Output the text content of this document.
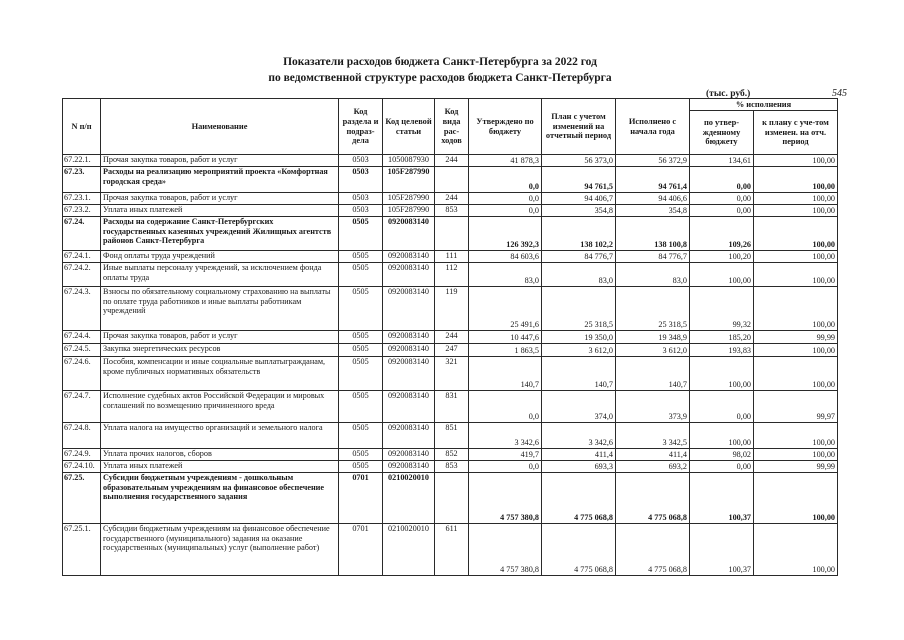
Показатели расходов бюджета Санкт-Петербурга за 2022 год
по ведомственной структуре расходов бюджета Санкт-Петербурга
(тыс. руб.)	545
N п/п	Наименование	Код раздела и подраз-дела	Код целевой статьи	Код вида рас-ходов	Утверждено по бюджету	План с учетом изменений на отчетный период	Исполнено с начала года	% исполнения	
								по утвер-жденному бюджету	к плану с уче-том изменен. на отч. период
67.22.1.	Прочая закупка товаров, работ и услуг	0503	1050087930	244	41 878,3	56 373,0	56 372,9	134,61	100,00
67.23.	Расходы на реализацию мероприятий проекта «Комфортная городская среда»	0503	105F287990		0,0	94 761,5	94 761,4	0,00	100,00
67.23.1.	Прочая закупка товаров, работ и услуг	0503	105F287990	244	0,0	94 406,7	94 406,6	0,00	100,00
67.23.2.	Уплата иных платежей	0503	105F287990	853	0,0	354,8	354,8	0,00	100,00
67.24.	Расходы на содержание Санкт-Петербургских государственных казенных учреждений Жилищных агентств районов Санкт-Петербурга	0505	0920083140		126 392,3	138 102,2	138 100,8	109,26	100,00
67.24.1.	Фонд оплаты труда учреждений	0505	0920083140	111	84 603,6	84 776,7	84 776,7	100,20	100,00
67.24.2.	Иные выплаты персоналу учреждений, за исключением фонда оплаты труда	0505	0920083140	112	83,0	83,0	83,0	100,00	100,00
67.24.3.	Взносы по обязательному социальному страхованию на выплаты по оплате труда работников и иные выплаты работникам учреждений	0505	0920083140	119	25 491,6	25 318,5	25 318,5	99,32	100,00
67.24.4.	Прочая закупка товаров, работ и услуг	0505	0920083140	244	10 447,6	19 350,0	19 348,9	185,20	99,99
67.24.5.	Закупка энергетических ресурсов	0505	0920083140	247	1 863,5	3 612,0	3 612,0	193,83	100,00
67.24.6.	Пособия, компенсации и иные социальные выплатыгражданам, кроме публичных нормативных обязательств	0505	0920083140	321	140,7	140,7	140,7	100,00	100,00
67.24.7.	Исполнение судебных актов Российской Федерации и мировых соглашений по возмещению причиненного вреда	0505	0920083140	831	0,0	374,0	373,9	0,00	99,97
67.24.8.	Уплата налога на имущество организаций и земельного налога	0505	0920083140	851	3 342,6	3 342,6	3 342,5	100,00	100,00
67.24.9.	Уплата прочих налогов, сборов	0505	0920083140	852	419,7	411,4	411,4	98,02	100,00
67.24.10.	Уплата иных платежей	0505	0920083140	853	0,0	693,3	693,2	0,00	99,99
67.25.	Субсидии бюджетным учреждениям - дошкольным образовательным учреждениям на финансовое обеспечение выполнения государственного задания	0701	0210020010		4 757 380,8	4 775 068,8	4 775 068,8	100,37	100,00
67.25.1.	Субсидии бюджетным учреждениям на финансовое обеспечение государственного (муниципального) задания на оказание государственных (муниципальных) услуг (выполнение работ)	0701	0210020010	611	4 757 380,8	4 775 068,8	4 775 068,8	100,37	100,00
